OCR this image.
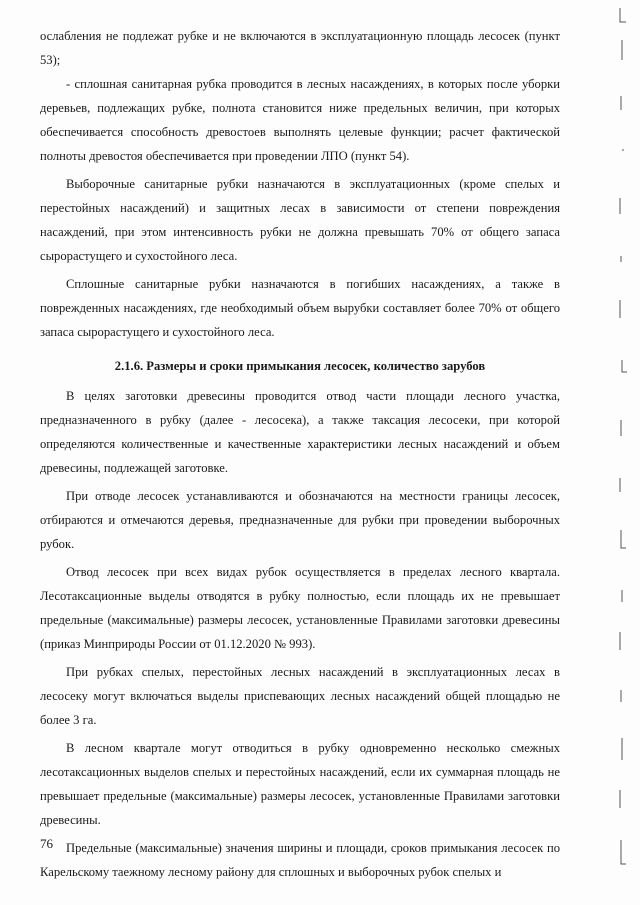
ослабления не подлежат рубке и не включаются в эксплуатационную площадь лесосек (пункт 53);

- сплошная санитарная рубка проводится в лесных насаждениях, в которых после уборки деревьев, подлежащих рубке, полнота становится ниже предельных величин, при которых обеспечивается способность древостоев выполнять целевые функции; расчет фактической полноты древостоя обеспечивается при проведении ЛПО (пункт 54).

Выборочные санитарные рубки назначаются в эксплуатационных (кроме спелых и перестойных насаждений) и защитных лесах в зависимости от степени повреждения насаждений, при этом интенсивность рубки не должна превышать 70% от общего запаса сырорастущего и сухостойного леса.

Сплошные санитарные рубки назначаются в погибших насаждениях, а также в поврежденных насаждениях, где необходимый объем вырубки составляет более 70% от общего запаса сырорастущего и сухостойного леса.

2.1.6. Размеры и сроки примыкания лесосек, количество зарубов

В целях заготовки древесины проводится отвод части площади лесного участка, предназначенного в рубку (далее - лесосека), а также таксация лесосеки, при которой определяются количественные и качественные характеристики лесных насаждений и объем древесины, подлежащей заготовке.

При отводе лесосек устанавливаются и обозначаются на местности границы лесосек, отбираются и отмечаются деревья, предназначенные для рубки при проведении выборочных рубок.

Отвод лесосек при всех видах рубок осуществляется в пределах лесного квартала. Лесотаксационные выделы отводятся в рубку полностью, если площадь их не превышает предельные (максимальные) размеры лесосек, установленные Правилами заготовки древесины (приказ Минприроды России от 01.12.2020 № 993).

При рубках спелых, перестойных лесных насаждений в эксплуатационных лесах в лесосеку могут включаться выделы приспевающих лесных насаждений общей площадью не более 3 га.

В лесном квартале могут отводиться в рубку одновременно несколько смежных лесотаксационных выделов спелых и перестойных насаждений, если их суммарная площадь не превышает предельные (максимальные) размеры лесосек, установленные Правилами заготовки древесины.

Предельные (максимальные) значения ширины и площади, сроков примыкания лесосек по Карельскому таежному лесному району для сплошных и выборочных рубок спелых и

76
